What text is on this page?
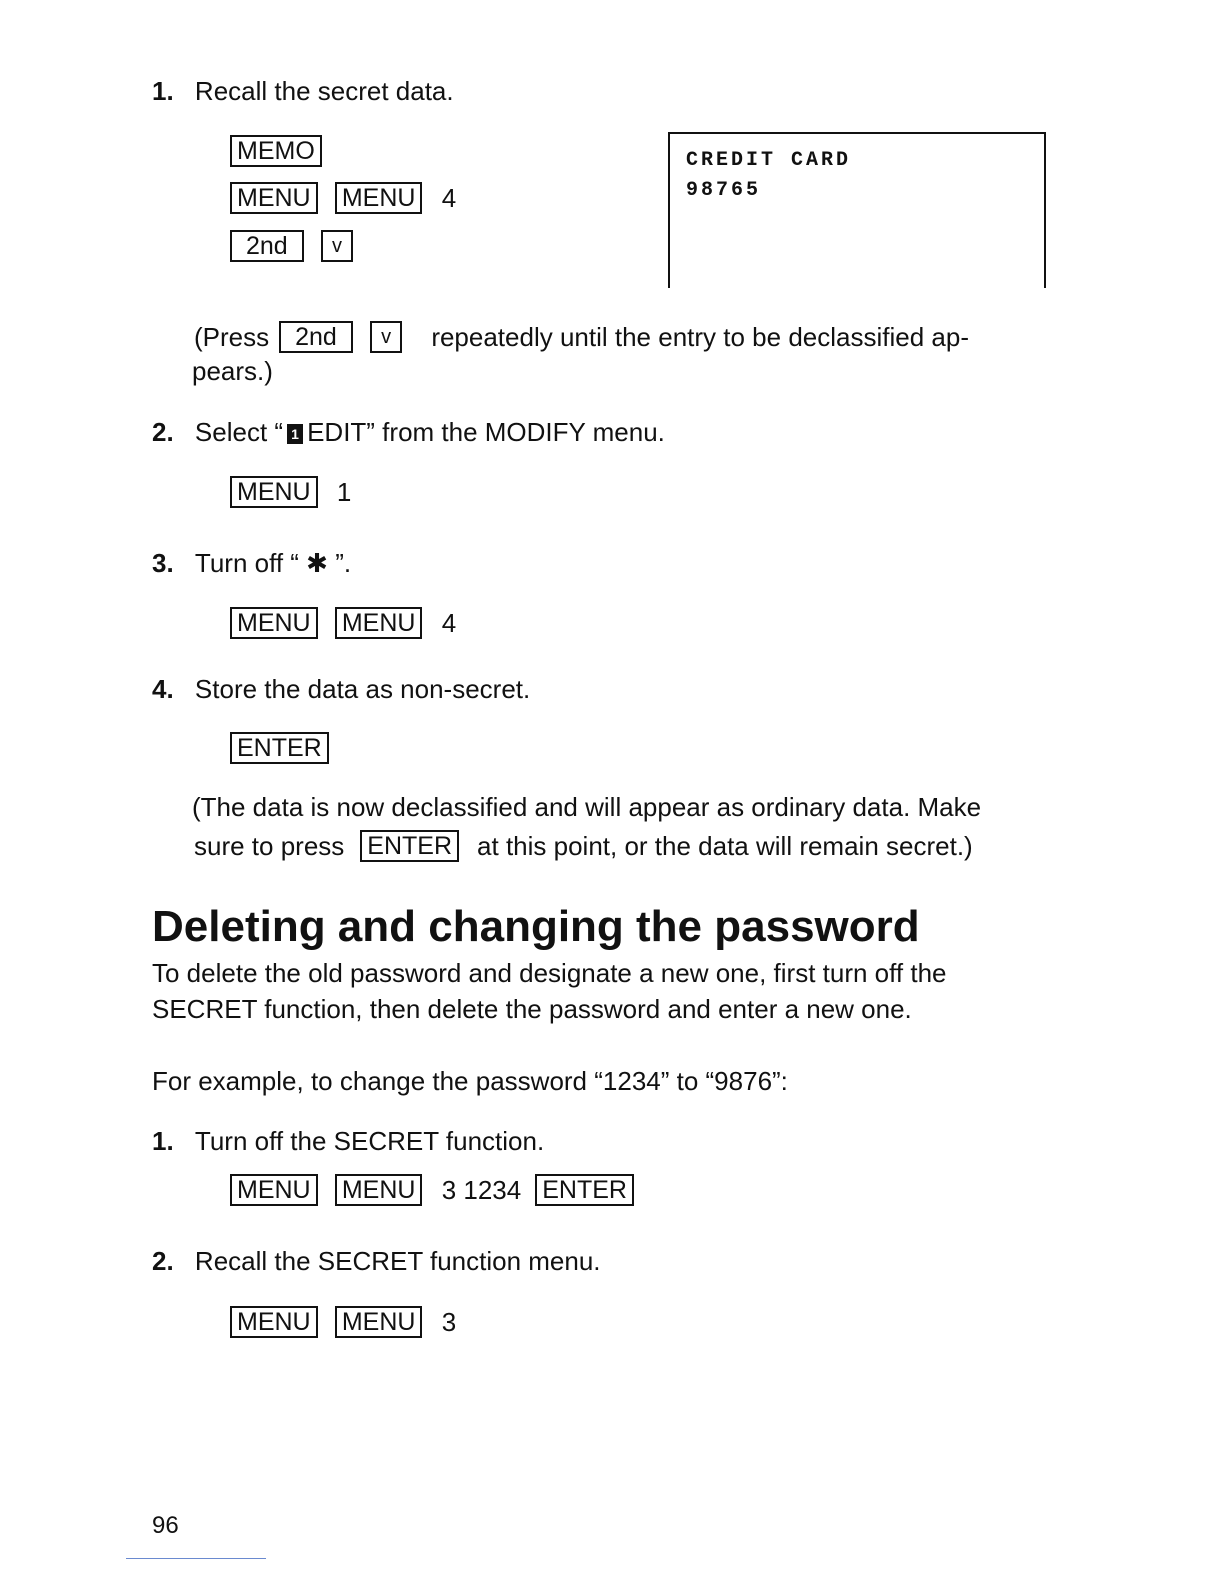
1. Recall the secret data.
MEMO
MENU MENU 4
2nd v
CREDIT CARD
98765
(Press 2nd v repeatedly until the entry to be declassified ap-
pears.)
2. Select “ 1 EDIT” from the MODIFY menu.
MENU 1
3. Turn off “ ✱ ”.
MENU MENU 4
4. Store the data as non-secret.
ENTER
(The data is now declassified and will appear as ordinary data. Make
sure to press ENTER at this point, or the data will remain secret.)
Deleting and changing the password
To delete the old password and designate a new one, first turn off the
SECRET function, then delete the password and enter a new one.
For example, to change the password “1234” to “9876”:
1. Turn off the SECRET function.
MENU MENU 3 1234 ENTER
2. Recall the SECRET function menu.
MENU MENU 3
96
